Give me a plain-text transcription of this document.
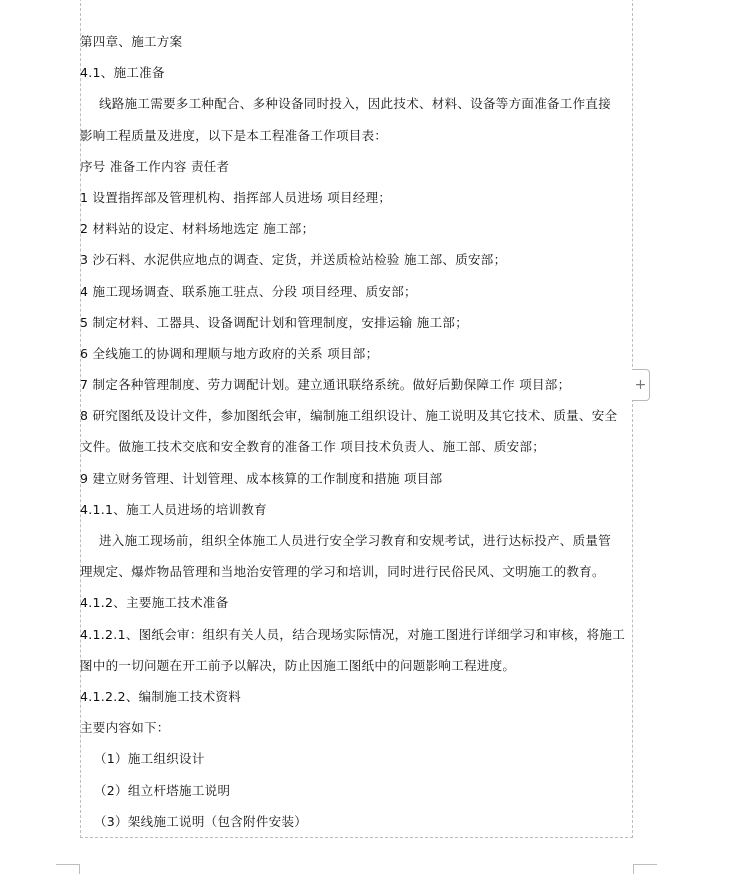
第四章、施工方案
4.1、施工准备
线路施工需要多工种配合、多种设备同时投入，因此技术、材料、设备等方面准备工作直接
影响工程质量及进度，以下是本工程准备工作项目表：
序号 准备工作内容 责任者
1 设置指挥部及管理机构、指挥部人员进场 项目经理；
2 材料站的设定、材料场地选定 施工部；
3 沙石料、水泥供应地点的调查、定货，并送质检站检验 施工部、质安部；
4 施工现场调查、联系施工驻点、分段 项目经理、质安部；
5 制定材料、工器具、设备调配计划和管理制度，安排运输 施工部；
6 全线施工的协调和理顺与地方政府的关系 项目部；
7 制定各种管理制度、劳力调配计划。建立通讯联络系统。做好后勤保障工作 项目部；
8 研究图纸及设计文件，参加图纸会审，编制施工组织设计、施工说明及其它技术、质量、安全
文件。做施工技术交底和安全教育的准备工作 项目技术负责人、施工部、质安部；
9 建立财务管理、计划管理、成本核算的工作制度和措施 项目部
4.1.1、施工人员进场的培训教育
进入施工现场前，组织全体施工人员进行安全学习教育和安规考试，进行达标投产、质量管
理规定、爆炸物品管理和当地治安管理的学习和培训，同时进行民俗民风、文明施工的教育。
4.1.2、主要施工技术准备
4.1.2.1、图纸会审：组织有关人员，结合现场实际情况，对施工图进行详细学习和审核，将施工
图中的一切问题在开工前予以解决，防止因施工图纸中的问题影响工程进度。
4.1.2.2、编制施工技术资料
主要内容如下：
（1）施工组织设计
（2）组立杆塔施工说明
（3）架线施工说明（包含附件安装）
+
